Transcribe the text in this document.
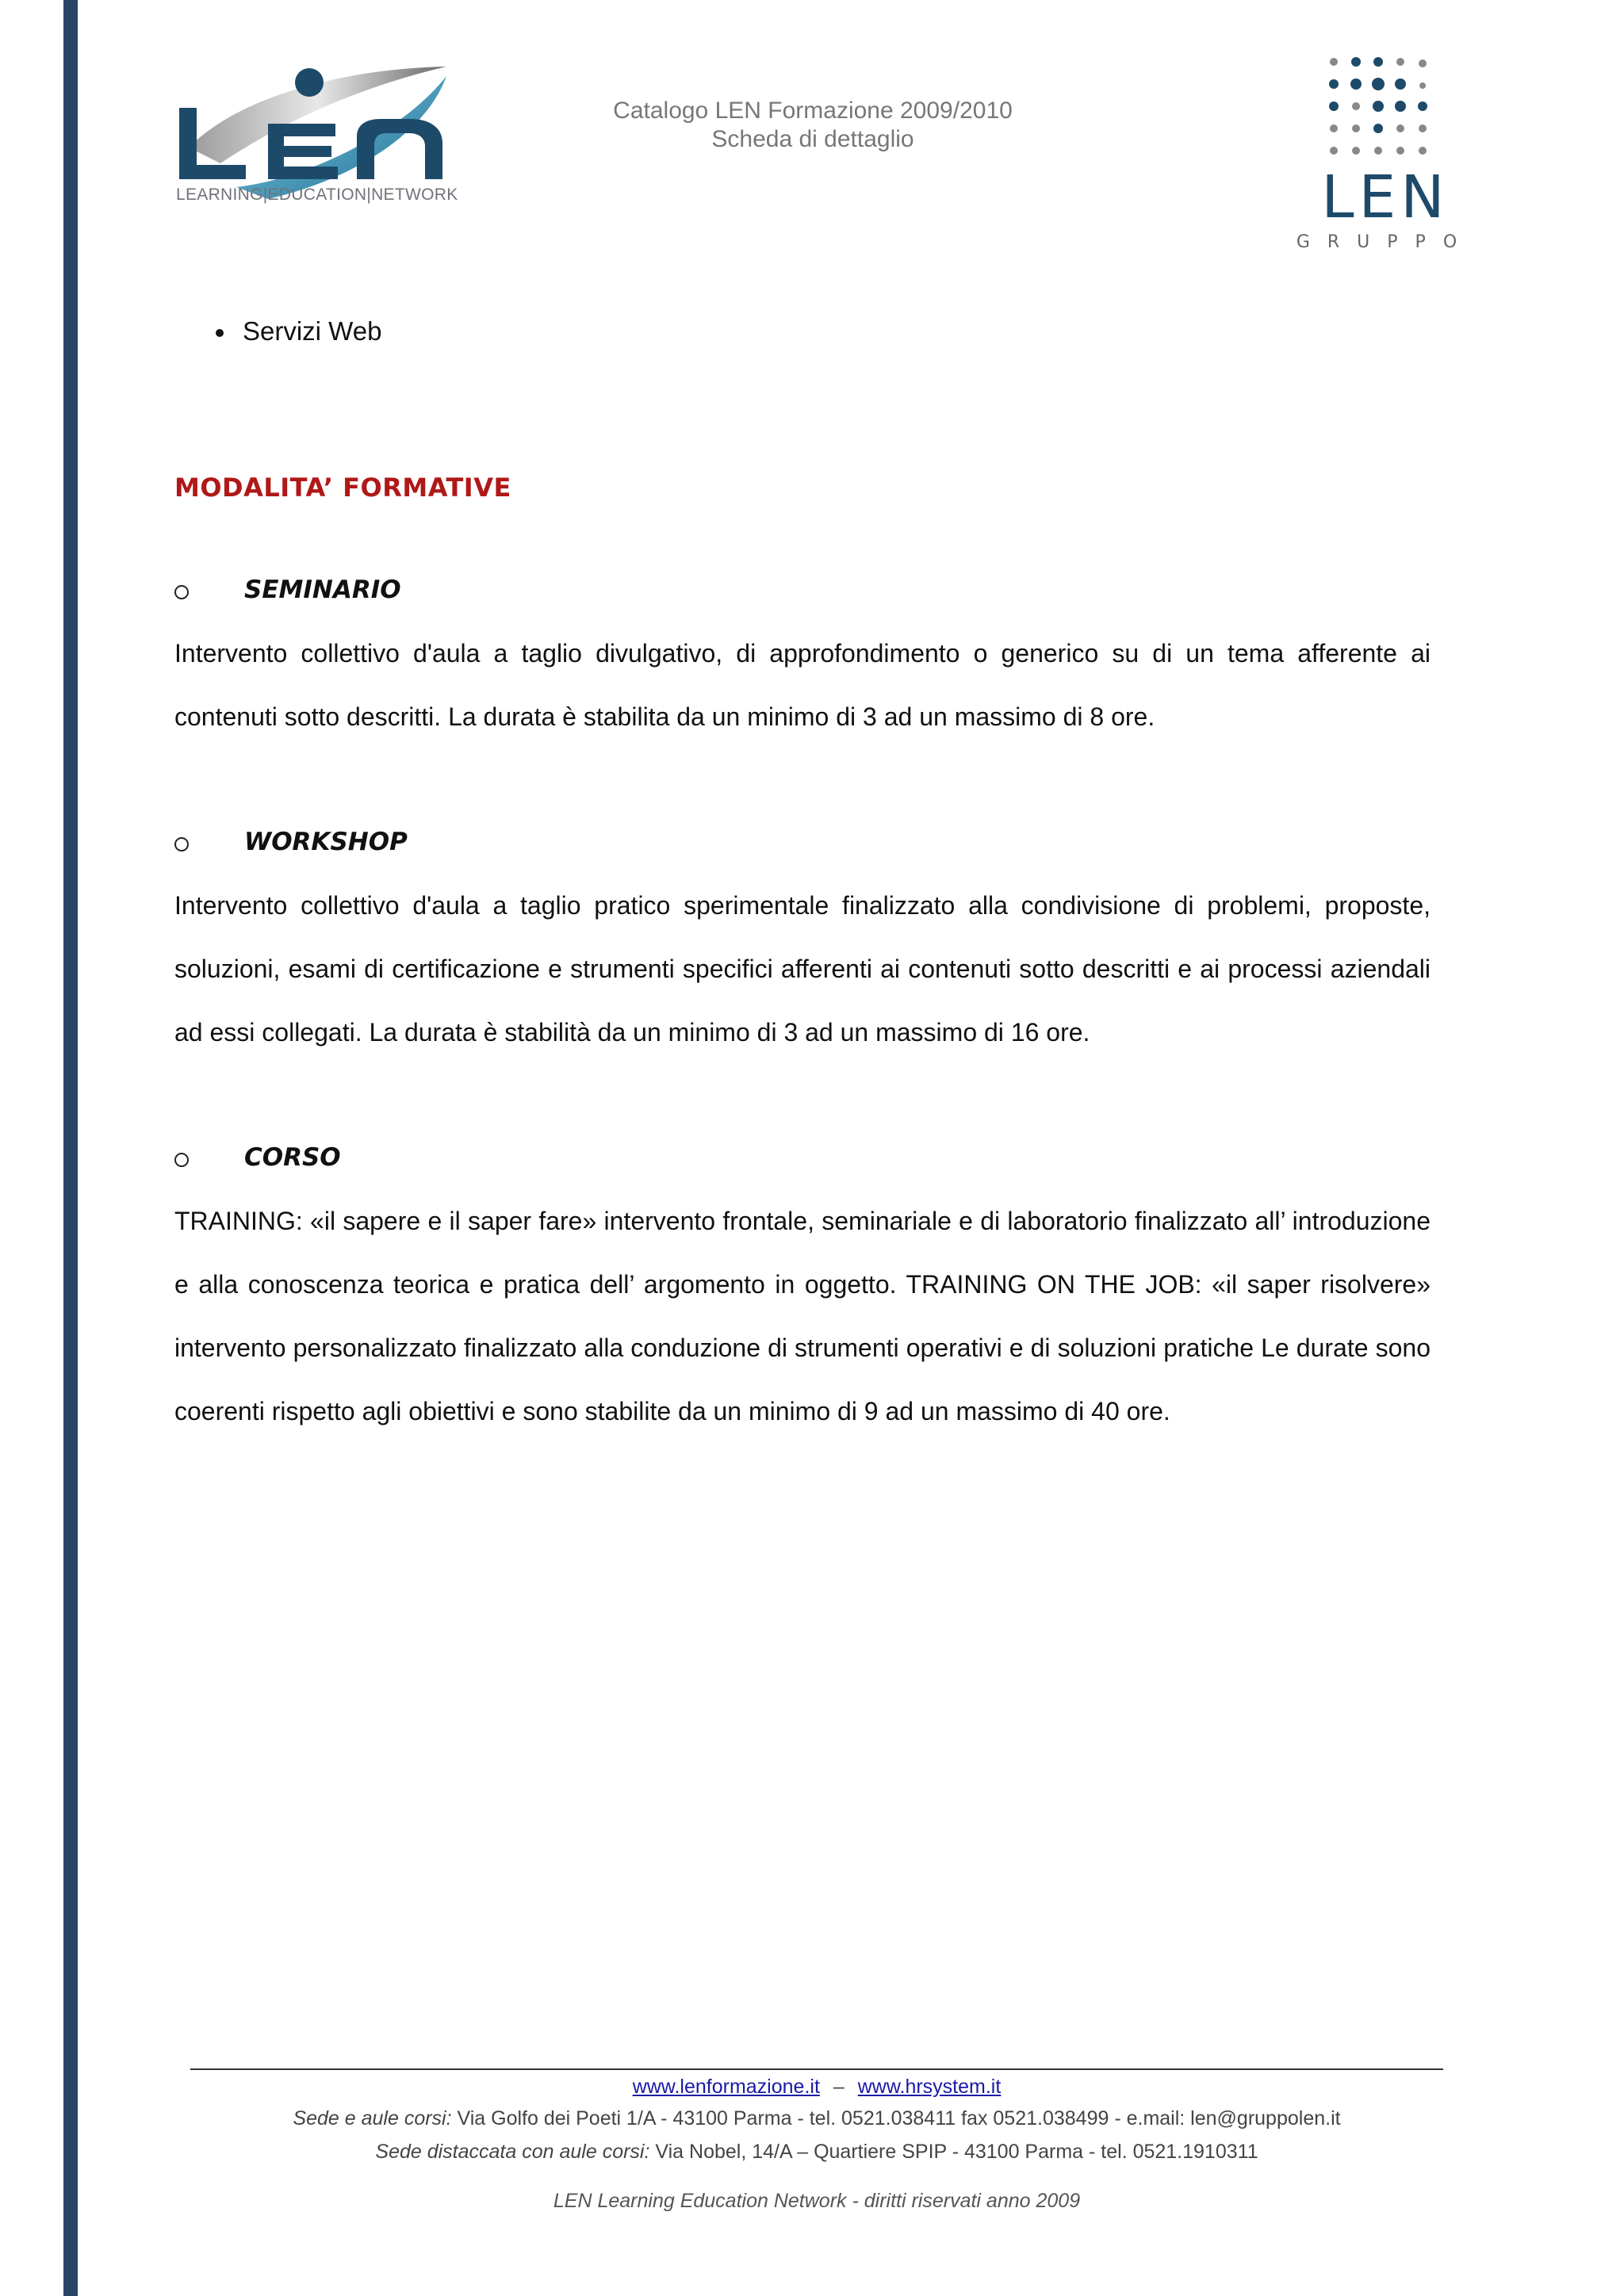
LEARNING|EDUCATION|NETWORK
Catalogo LEN Formazione 2009/2010
Scheda di dettaglio
LEN
GRUPPO
Servizi Web
MODALITA’ FORMATIVE
SEMINARIO

Intervento collettivo d'aula a taglio divulgativo, di approfondimento o generico su di un tema afferente ai contenuti sotto descritti. La durata è stabilita da un minimo di 3 ad un massimo di 8 ore.

WORKSHOP

Intervento collettivo d'aula a taglio pratico sperimentale finalizzato alla condivisione di problemi, proposte, soluzioni, esami di certificazione e strumenti specifici afferenti ai contenuti sotto descritti e ai processi aziendali ad essi collegati. La durata è stabilità da un minimo di 3 ad un massimo di 16 ore.

CORSO

TRAINING: «il sapere e il saper fare» intervento frontale, seminariale e di laboratorio finalizzato all’ introduzione e alla conoscenza teorica e pratica dell’ argomento in oggetto. TRAINING ON THE JOB: «il saper risolvere» intervento personalizzato finalizzato alla conduzione di strumenti operativi e di soluzioni pratiche Le durate sono coerenti rispetto agli obiettivi e sono stabilite da un minimo di 9 ad un massimo di 40 ore.

www.lenformazione.it – www.hrsystem.it
Sede e aule corsi: Via Golfo dei Poeti 1/A - 43100 Parma - tel. 0521.038411 fax 0521.038499 - e.mail: len@gruppolen.it
Sede distaccata con aule corsi: Via Nobel, 14/A – Quartiere SPIP - 43100 Parma - tel. 0521.1910311
LEN Learning Education Network - diritti riservati anno 2009
